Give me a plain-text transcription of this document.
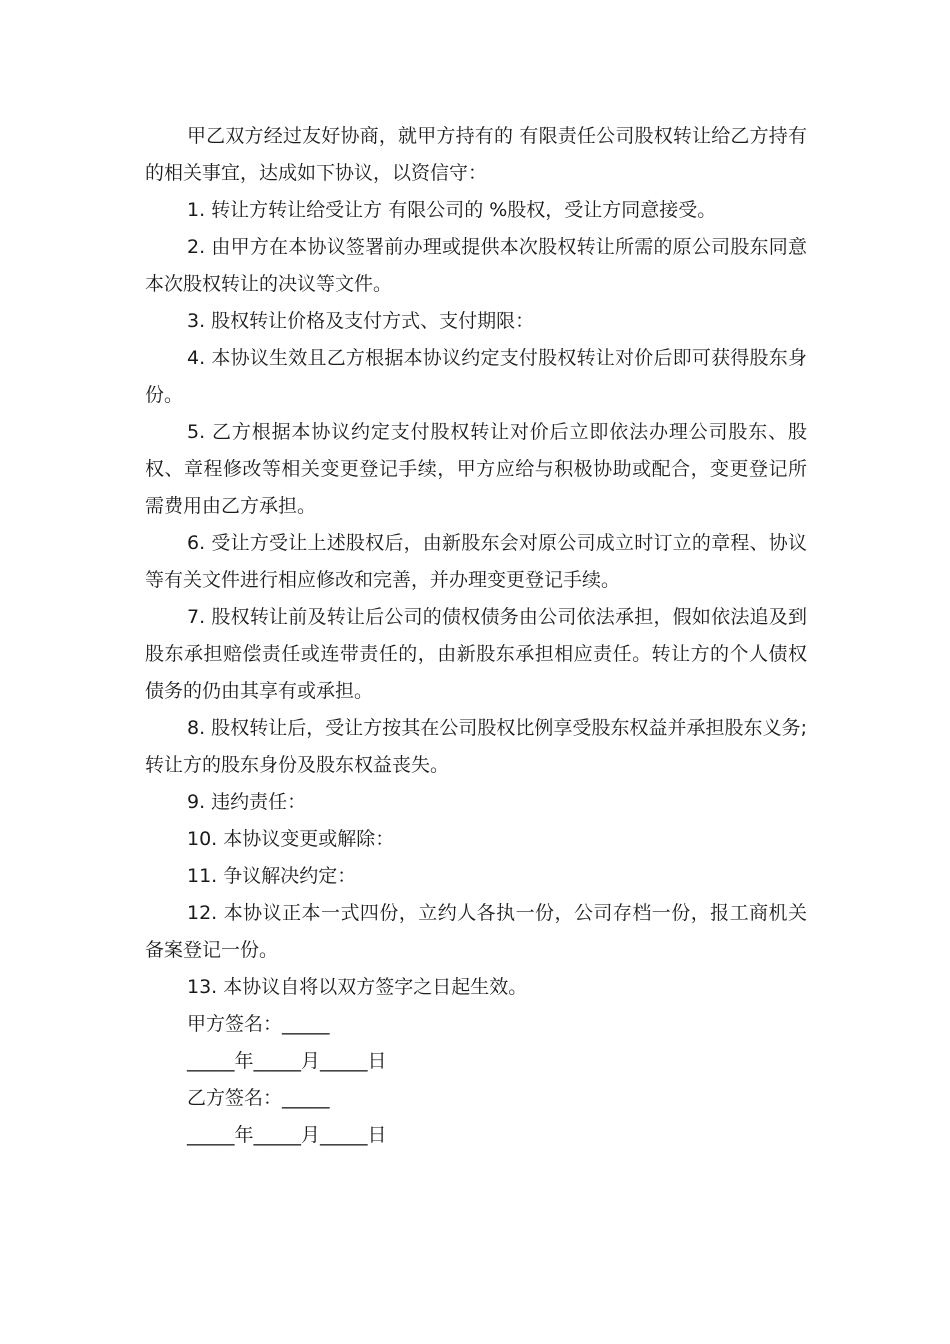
甲乙双方经过友好协商，就甲方持有的 有限责任公司股权转让给乙方持有的相关事宜，达成如下协议，以资信守：

1. 转让方转让给受让方 有限公司的 %股权，受让方同意接受。

2. 由甲方在本协议签署前办理或提供本次股权转让所需的原公司股东同意本次股权转让的决议等文件。

3. 股权转让价格及支付方式、支付期限：

4. 本协议生效且乙方根据本协议约定支付股权转让对价后即可获得股东身份。

5. 乙方根据本协议约定支付股权转让对价后立即依法办理公司股东、股权、章程修改等相关变更登记手续，甲方应给与积极协助或配合，变更登记所需费用由乙方承担。

6. 受让方受让上述股权后，由新股东会对原公司成立时订立的章程、协议等有关文件进行相应修改和完善，并办理变更登记手续。

7. 股权转让前及转让后公司的债权债务由公司依法承担，假如依法追及到股东承担赔偿责任或连带责任的，由新股东承担相应责任。转让方的个人债权债务的仍由其享有或承担。

8. 股权转让后，受让方按其在公司股权比例享受股东权益并承担股东义务;转让方的股东身份及股东权益丧失。

9. 违约责任：

10. 本协议变更或解除：

11. 争议解决约定：

12. 本协议正本一式四份，立约人各执一份，公司存档一份，报工商机关备案登记一份。

13. 本协议自将以双方签字之日起生效。

甲方签名：_____

_____年_____月_____日

乙方签名：_____

_____年_____月_____日
